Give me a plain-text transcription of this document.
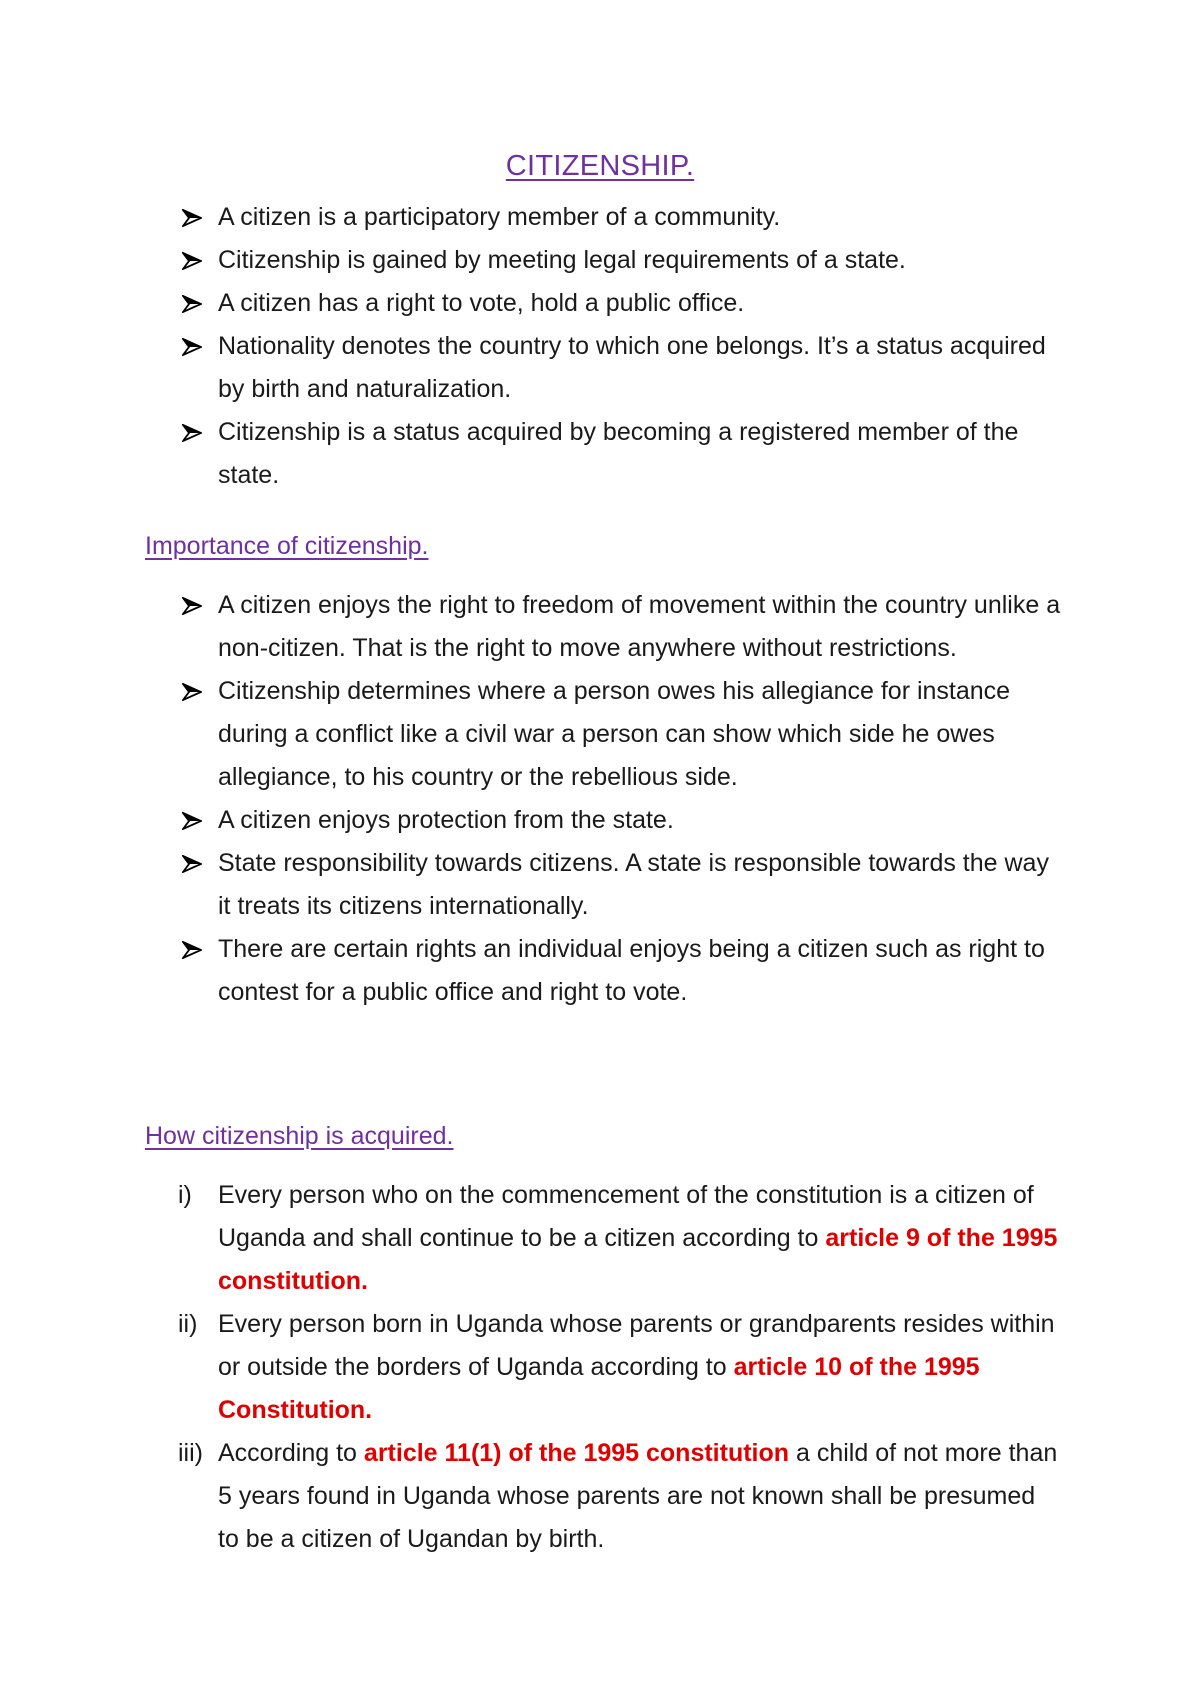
CITIZENSHIP.
A citizen is a participatory member of a community.
Citizenship is gained by meeting legal requirements of a state.
A citizen has a right to vote, hold a public office.
Nationality denotes the country to which one belongs. It’s a status acquired by birth and naturalization.
Citizenship is a status acquired by becoming a registered member of the state.
Importance of citizenship.
A citizen enjoys the right to freedom of movement within the country unlike a non-citizen. That is the right to move anywhere without restrictions.
Citizenship determines where a person owes his allegiance for instance during a conflict like a civil war a person can show which side he owes allegiance, to his country or the rebellious side.
A citizen enjoys protection from the state.
State responsibility towards citizens. A state is responsible towards the way it treats its citizens internationally.
There are certain rights an individual enjoys being a citizen such as right to contest for a public office and right to vote.
How citizenship is acquired.
i) Every person who on the commencement of the constitution is a citizen of Uganda and shall continue to be a citizen according to article 9 of the 1995 constitution.
ii) Every person born in Uganda whose parents or grandparents resides within or outside the borders of Uganda according to article 10 of the 1995 Constitution.
iii) According to article 11(1) of the 1995 constitution a child of not more than 5 years found in Uganda whose parents are not known shall be presumed to be a citizen of Ugandan by birth.
